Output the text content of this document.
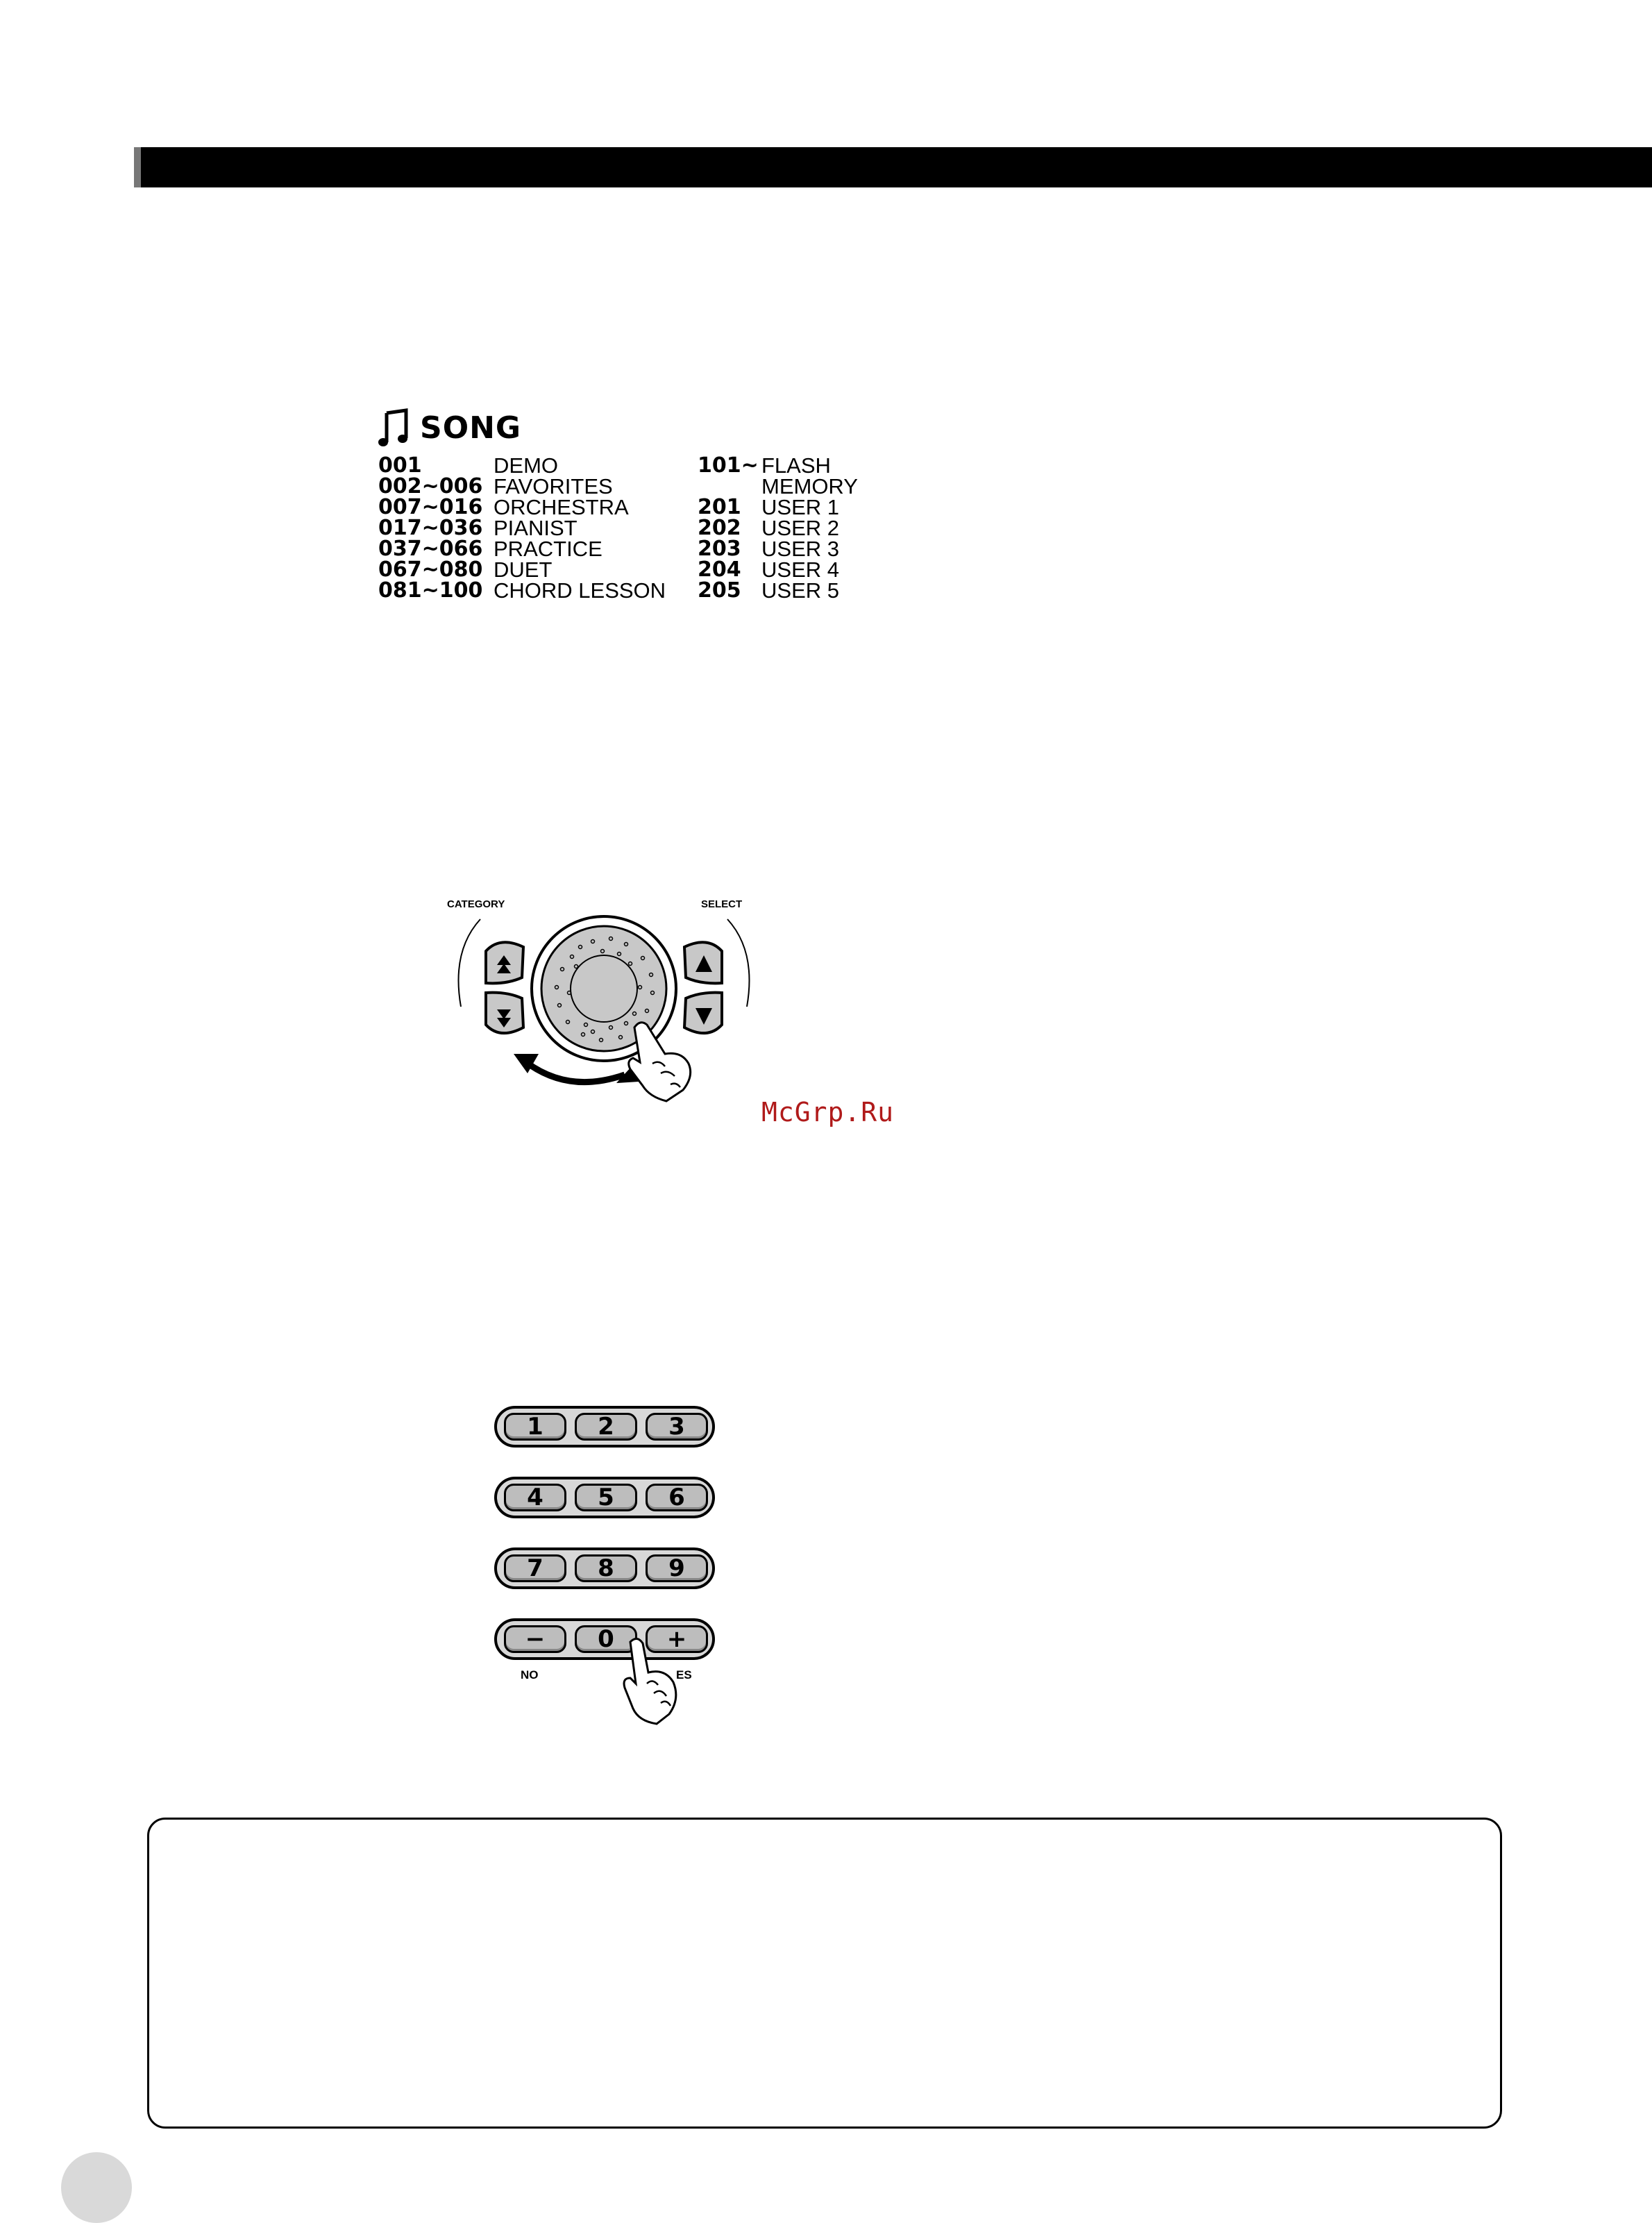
SONG
001	DEMO	101~ FLASH
002~006 FAVORITES	MEMORY
007~016 ORCHESTRA	201 USER 1
017~036 PIANIST	202 USER 2
037~066 PRACTICE	203 USER 3
067~080 DUET	204 USER 4
081~100 CHORD LESSON 205 USER 5
CATEGORY	SELECT
McGrp.Ru
1	2	3
4	5	6
7	8	9
−	0	+
NO	ES
